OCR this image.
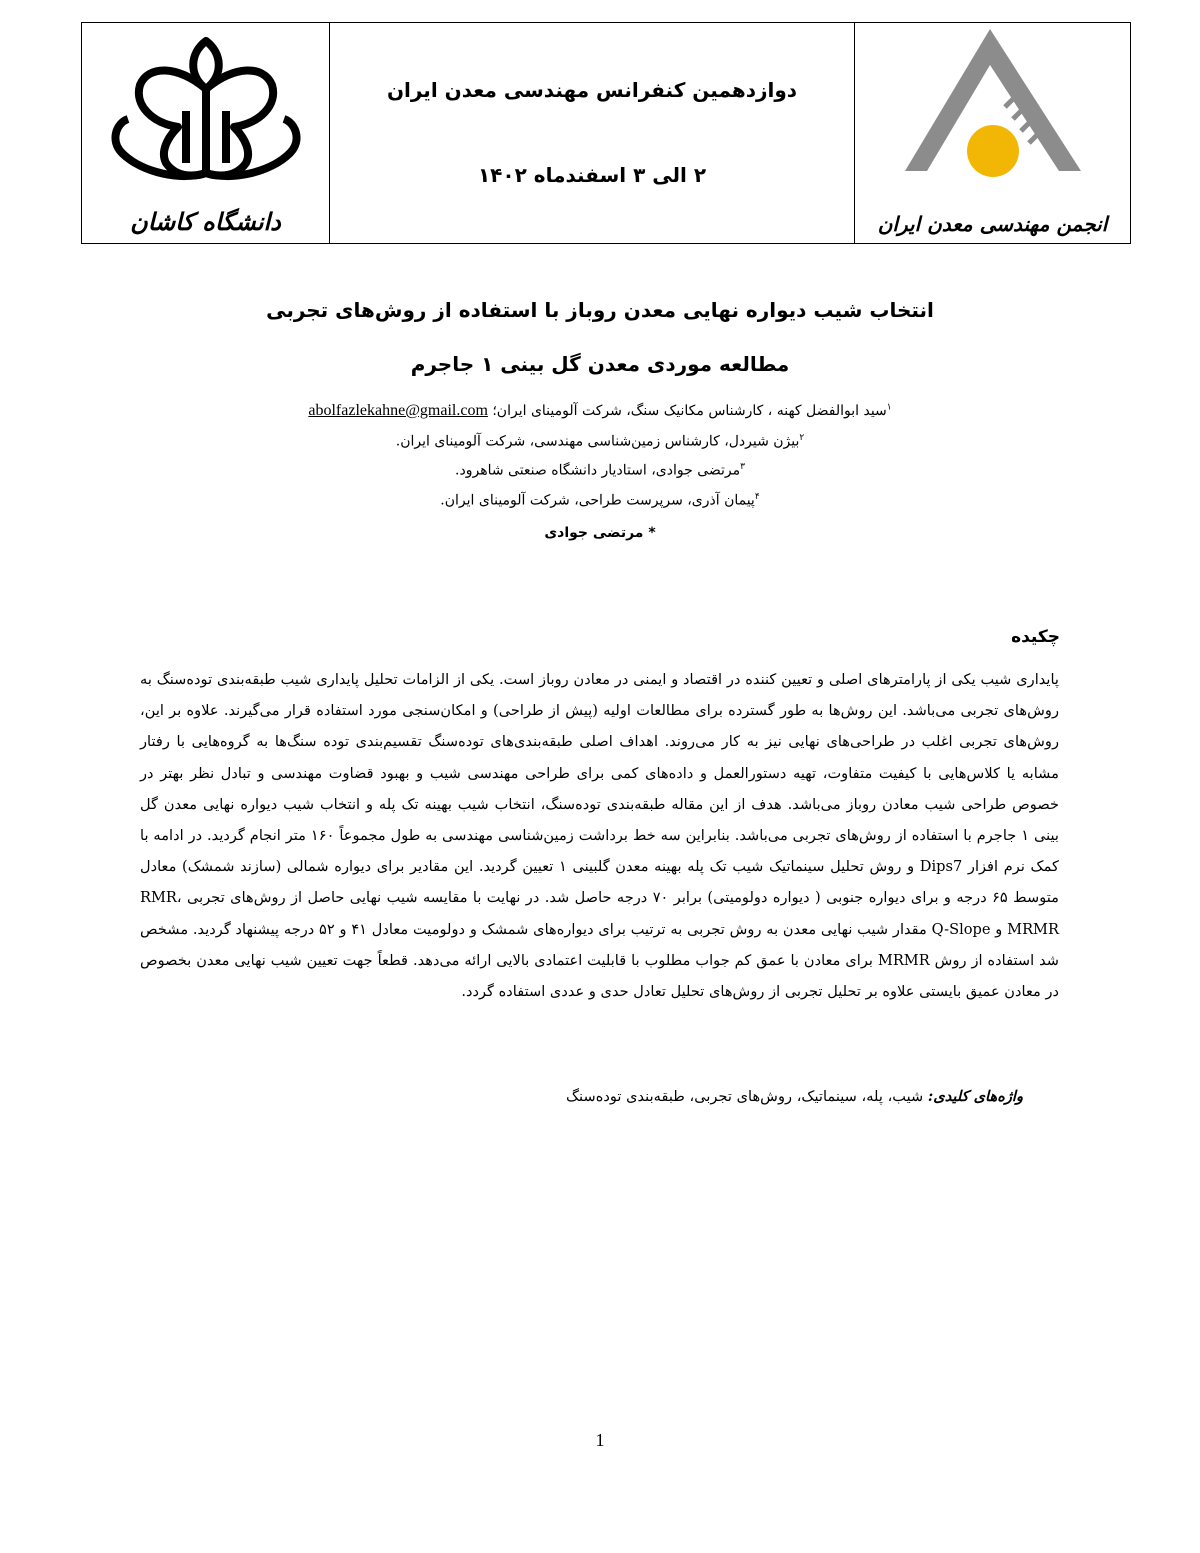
دانشگاه کاشان
دوازدهمین کنفرانس مهندسی معدن ایران
۲ الی ۳ اسفندماه ۱۴۰۲
انجمن مهندسی معدن ایران
انتخاب شیب دیواره نهایی معدن روباز با استفاده از روش‌های تجربی
مطالعه موردی معدن گل بینی ۱ جاجرم
$^۱$سید ابوالفضل کهنه ، کارشناس مکانیک سنگ، شرکت آلومینای ایران؛ abolfazlekahne@gmail.com
$^۲$بیژن شیردل، کارشناس زمین‌شناسی مهندسی، شرکت آلومینای ایران.
$^۳$مرتضی جوادی، استادیار دانشگاه صنعتی شاهرود.
$^۴$پیمان آذری، سرپرست طراحی، شرکت آلومینای ایران.
* مرتضی جوادی
چکیده
پایداری شیب یکی از پارامترهای اصلی و تعیین کننده در اقتصاد و ایمنی در معادن روباز است. یکی از الزامات تحلیل پایداری شیب طبقه‌بندی توده‌سنگ به روش‌های تجربی می‌باشد. این روش‌ها به طور گسترده برای مطالعات اولیه (پیش از طراحی) و امکان‌سنجی مورد استفاده قرار می‌گیرند. علاوه بر این، روش‌های تجربی اغلب در طراحی‌های نهایی نیز به کار می‌روند. اهداف اصلی طبقه‌بندی‌های توده‌سنگ تقسیم‌بندی توده سنگ‌ها به گروه‌هایی با رفتار مشابه یا کلاس‌هایی با کیفیت متفاوت، تهیه دستورالعمل و داده‌های کمی برای طراحی مهندسی شیب و بهبود قضاوت مهندسی و تبادل نظر بهتر در خصوص طراحی شیب معادن روباز می‌باشد. هدف از این مقاله طبقه‌بندی توده‌سنگ، انتخاب شیب بهینه تک پله و انتخاب شیب دیواره نهایی معدن گل بینی ۱ جاجرم با استفاده از روش‌های تجربی می‌باشد. بنابراین سه خط برداشت زمین‌شناسی مهندسی به طول مجموعاً ۱۶۰ متر انجام گردید. در ادامه با کمک نرم افزار Dips7 و روش تحلیل سینماتیک شیب تک پله بهینه معدن گلبینی ۱ تعیین گردید. این مقادیر برای دیواره شمالی (سازند شمشک) معادل متوسط ۶۵ درجه و برای دیواره جنوبی ( دیواره دولومیتی) برابر ۷۰ درجه حاصل شد. در نهایت با مقایسه شیب نهایی حاصل از روش‌های تجربی RMR، MRMR و Q-Slope مقدار شیب نهایی معدن به روش تجربی به ترتیب برای دیواره‌های شمشک و دولومیت معادل ۴۱ و ۵۲ درجه پیشنهاد گردید. مشخص شد استفاده از روش MRMR برای معادن با عمق کم جواب مطلوب با قابلیت اعتمادی بالایی ارائه می‌دهد. قطعاً جهت تعیین شیب نهایی معدن بخصوص در معادن عمیق بایستی علاوه بر تحلیل تجربی از روش‌های تحلیل تعادل حدی و عددی استفاده گردد.
واژه‌های کلیدی: شیب، پله، سینماتیک، روش‌های تجربی، طبقه‌بندی توده‌سنگ
1
